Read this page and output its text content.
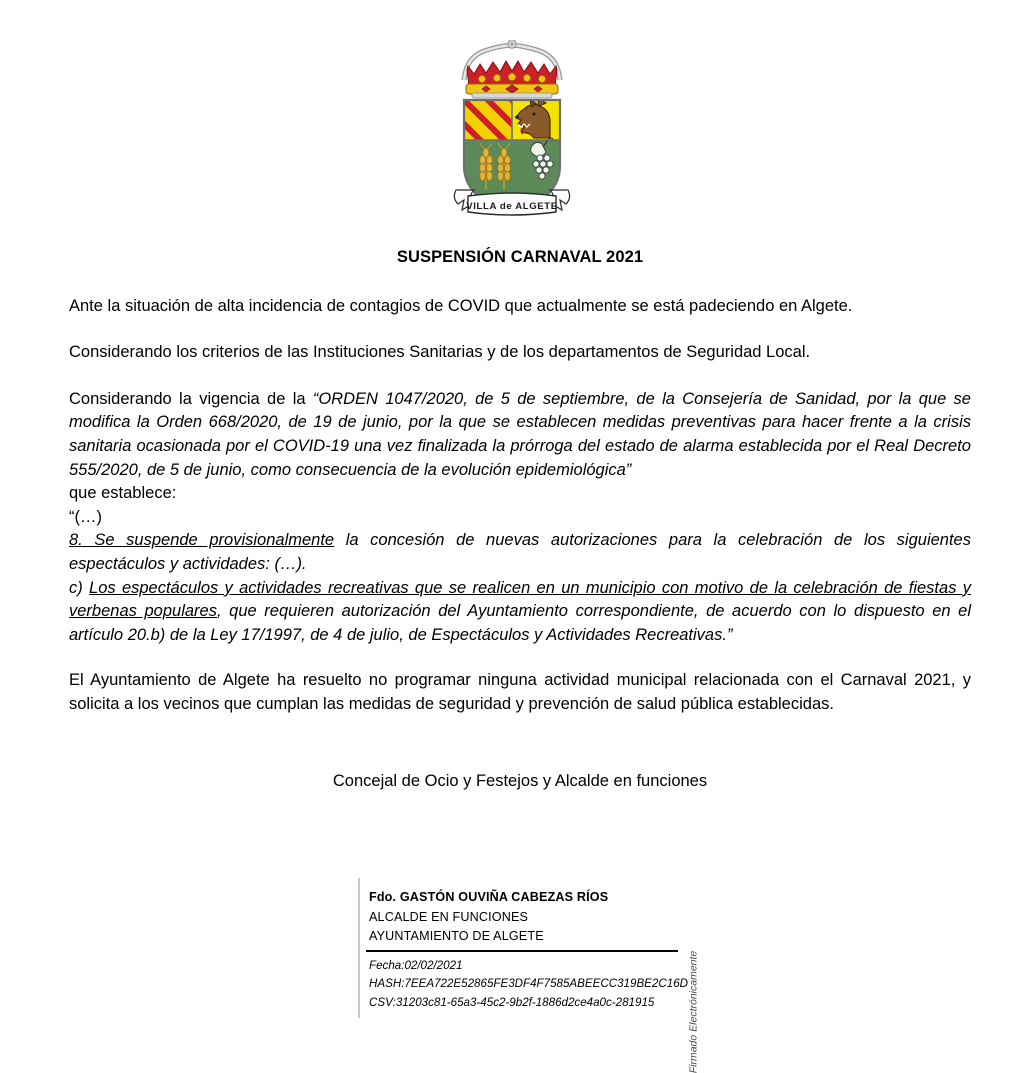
VILLA de ALGETE
SUSPENSIÓN CARNAVAL 2021

Ante la situación de alta incidencia de contagios de COVID que actualmente se está padeciendo en Algete.

Considerando los criterios de las Instituciones Sanitarias y de los departamentos de Seguridad Local.

Considerando la vigencia de la “ORDEN 1047/2020, de 5 de septiembre, de la Consejería de Sanidad, por la que se modifica la Orden 668/2020, de 19 de junio, por la que se establecen medidas preventivas para hacer frente a la crisis sanitaria ocasionada por el COVID-19 una vez finalizada la prórroga del estado de alarma establecida por el Real Decreto 555/2020, de 5 de junio, como consecuencia de la evolución epidemiológica”
que establece:
“(…)
8. Se suspende provisionalmente la concesión de nuevas autorizaciones para la celebración de los siguientes espectáculos y actividades: (…).
c) Los espectáculos y actividades recreativas que se realicen en un municipio con motivo de la celebración de fiestas y verbenas populares, que requieren autorización del Ayuntamiento correspondiente, de acuerdo con lo dispuesto en el artículo 20.b) de la Ley 17/1997, de 4 de julio, de Espectáculos y Actividades Recreativas.”

El Ayuntamiento de Algete ha resuelto no programar ninguna actividad municipal relacionada con el Carnaval 2021, y solicita a los vecinos que cumplan las medidas de seguridad y prevención de salud pública establecidas.

Concejal de Ocio y Festejos y Alcalde en funciones
Fdo. GASTÓN OUVIÑA CABEZAS RÍOS
ALCALDE EN FUNCIONES
AYUNTAMIENTO DE ALGETE
Fecha:02/02/2021
HASH:7EEA722E52865FE3DF4F7585ABEECC319BE2C16D
CSV:31203c81-65a3-45c2-9b2f-1886d2ce4a0c-281915	Firmado Electrónicamente
